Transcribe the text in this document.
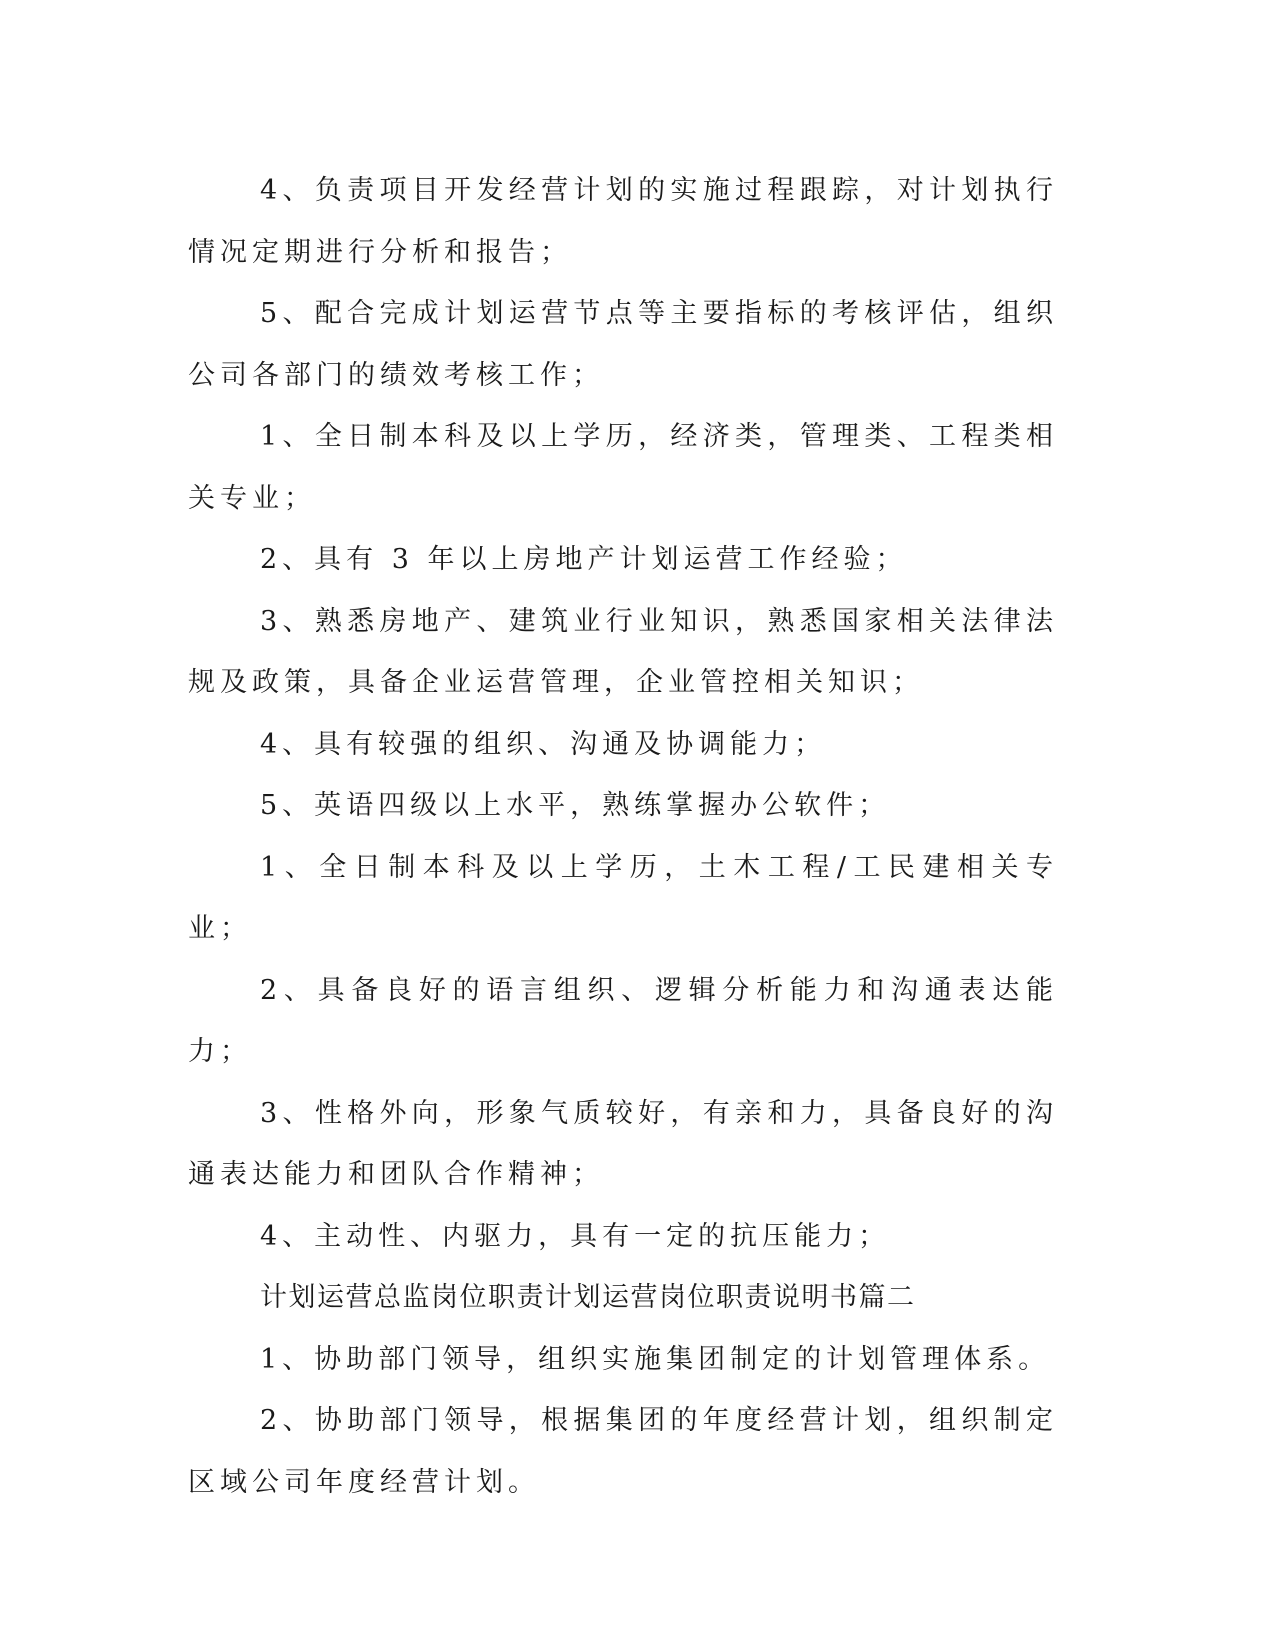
4、负责项目开发经营计划的实施过程跟踪，对计划执行情况定期进行分析和报告；

5、配合完成计划运营节点等主要指标的考核评估，组织公司各部门的绩效考核工作；

1、全日制本科及以上学历，经济类，管理类、工程类相关专业；

2、具有 3 年以上房地产计划运营工作经验；

3、熟悉房地产、建筑业行业知识，熟悉国家相关法律法规及政策，具备企业运营管理，企业管控相关知识；

4、具有较强的组织、沟通及协调能力；

5、英语四级以上水平，熟练掌握办公软件；

1、全日制本科及以上学历，土木工程/工民建相关专业；

2、具备良好的语言组织、逻辑分析能力和沟通表达能力；

3、性格外向，形象气质较好，有亲和力，具备良好的沟通表达能力和团队合作精神；

4、主动性、内驱力，具有一定的抗压能力；

计划运营总监岗位职责计划运营岗位职责说明书篇二

1、协助部门领导，组织实施集团制定的计划管理体系。

2、协助部门领导，根据集团的年度经营计划，组织制定区域公司年度经营计划。
